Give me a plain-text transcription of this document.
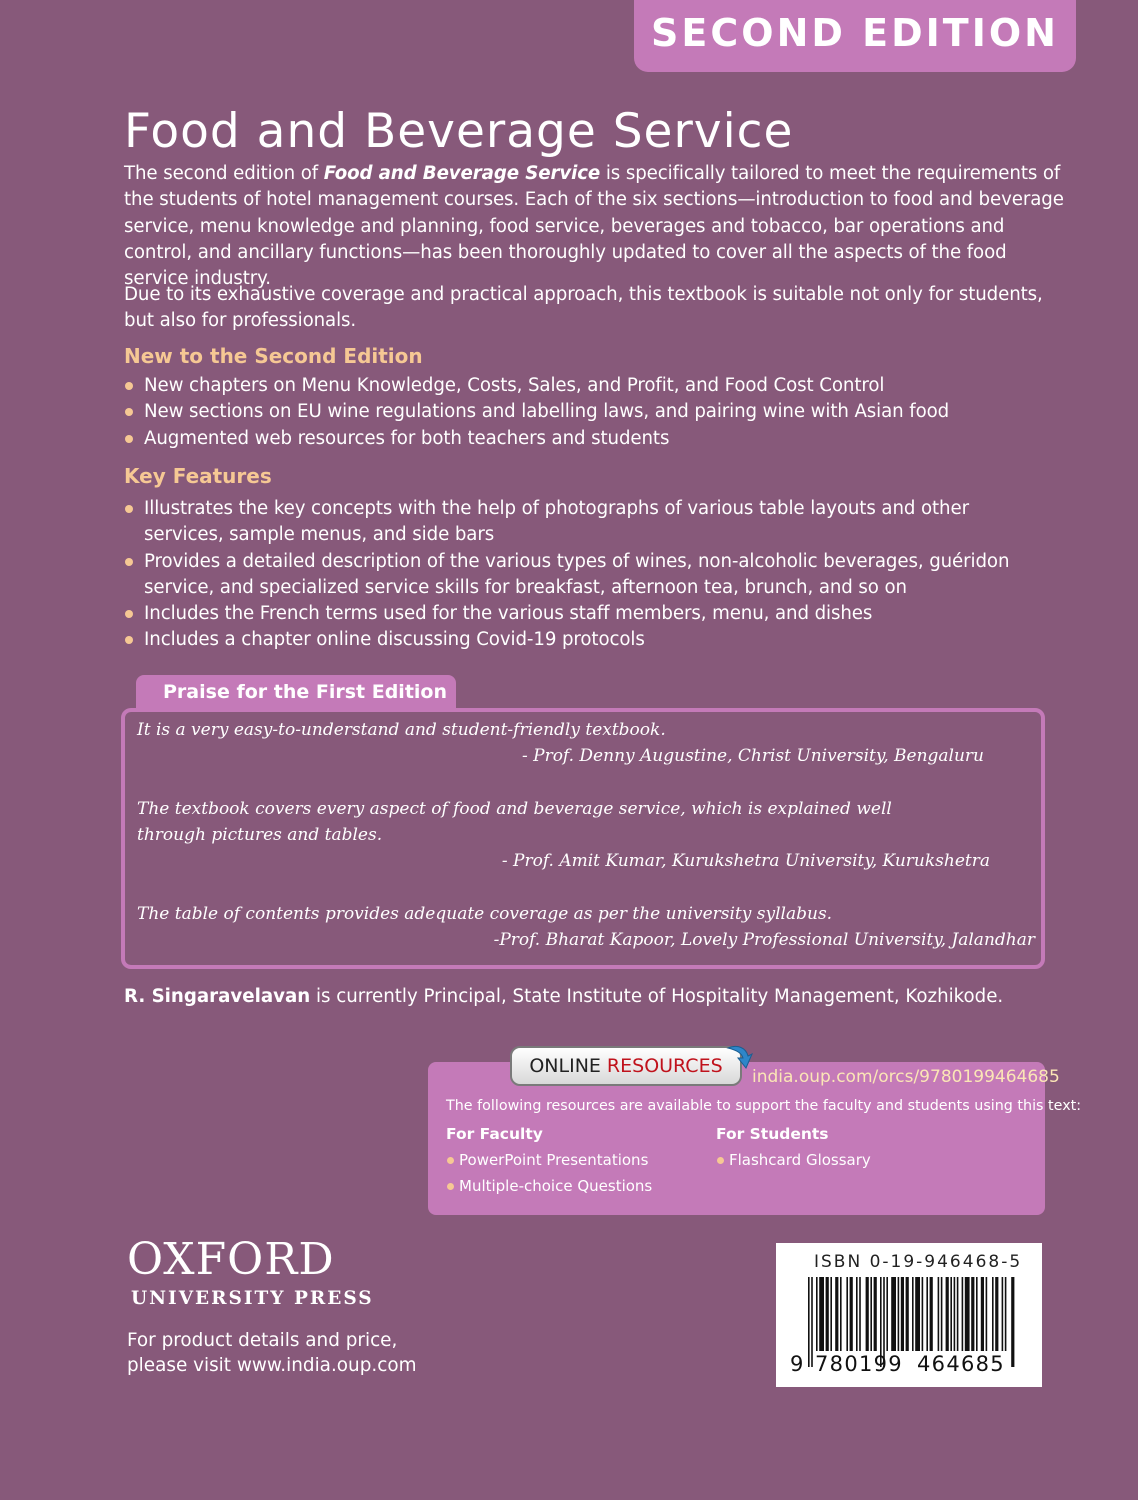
SECOND EDITION
Food and Beverage Service

The second edition of Food and Beverage Service is specifically tailored to meet the requirements of the students of hotel management courses. Each of the six sections—introduction to food and beverage service, menu knowledge and planning, food service, beverages and tobacco, bar operations and control, and ancillary functions—has been thoroughly updated to cover all the aspects of the food service industry.

Due to its exhaustive coverage and practical approach, this textbook is suitable not only for students, but also for professionals.

New to the Second Edition
New chapters on Menu Knowledge, Costs, Sales, and Profit, and Food Cost Control
New sections on EU wine regulations and labelling laws, and pairing wine with Asian food
Augmented web resources for both teachers and students
Key Features
Illustrates the key concepts with the help of photographs of various table layouts and other services, sample menus, and side bars
Provides a detailed description of the various types of wines, non-alcoholic beverages, guéridon service, and specialized service skills for breakfast, afternoon tea, brunch, and so on
Includes the French terms used for the various staff members, menu, and dishes
Includes a chapter online discussing Covid-19 protocols
Praise for the First Edition

It is a very easy-to-understand and student-friendly textbook.

- Prof. Denny Augustine, Christ University, Bengaluru

The textbook covers every aspect of food and beverage service, which is explained well

through pictures and tables.

- Prof. Amit Kumar, Kurukshetra University, Kurukshetra

The table of contents provides adequate coverage as per the university syllabus.

-Prof. Bharat Kapoor, Lovely Professional University, Jalandhar

R. Singaravelavan is currently Principal, State Institute of Hospitality Management, Kozhikode.

ONLINE RESOURCES india.oup.com/orcs/9780199464685

The following resources are available to support the faculty and students using this text:

For Faculty

PowerPoint Presentations

Multiple-choice Questions

For Students

Flashcard Glossary

OXFORD

UNIVERSITY PRESS

For product details and price,
please visit www.india.oup.com

ISBN 0-19-946468-5

9 780199 464685
